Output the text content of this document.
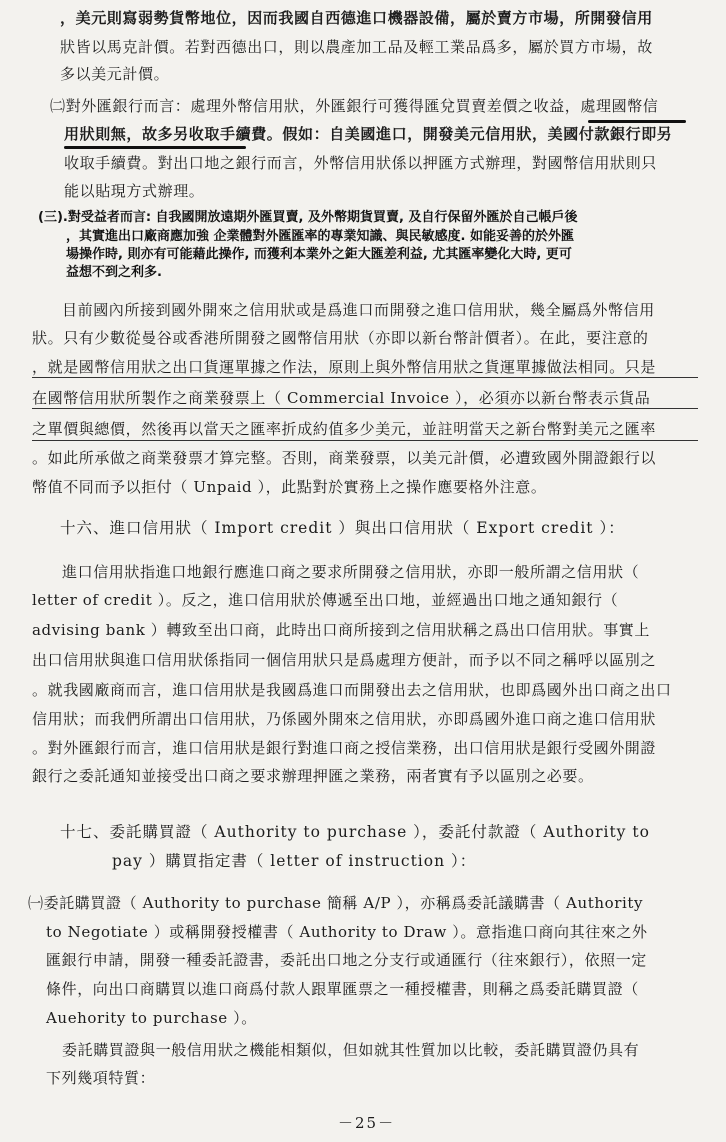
，美元則寫弱勢貨幣地位，因而我國自西德進口機器設備，屬於賣方市場，所開發信用
狀皆以馬克計價。若對西德出口，則以農產加工品及輕工業品爲多，屬於買方市場，故
多以美元計價。
㈡對外匯銀行而言：處理外幣信用狀，外匯銀行可獲得匯兌買賣差價之收益，處理國幣信
用狀則無，故多另收取手續費。假如：自美國進口，開發美元信用狀，美國付款銀行即另
收取手續費。對出口地之銀行而言，外幣信用狀係以押匯方式辦理，對國幣信用狀則只
能以貼現方式辦理。
(三).對受益者而言: 自我國開放遠期外匯買賣, 及外幣期貨買賣, 及自行保留外匯於自己帳戶後
，其實進出口廠商應加強 企業體對外匯匯率的專業知識、與民敏感度. 如能妥善的於外匯
場操作時, 則亦有可能藉此操作, 而獲利本業外之鉅大匯差利益, 尤其匯率變化大時, 更可
益想不到之利多.
目前國內所接到國外開來之信用狀或是爲進口而開發之進口信用狀，幾全屬爲外幣信用
狀。只有少數從曼谷或香港所開發之國幣信用狀（亦即以新台幣計價者）。在此，要注意的
，就是國幣信用狀之出口貨運單據之作法，原則上與外幣信用狀之貨運單據做法相同。只是
在國幣信用狀所製作之商業發票上（ Commercial Invoice ），必須亦以新台幣表示貨品
之單價與總價，然後再以當天之匯率折成約值多少美元，並註明當天之新台幣對美元之匯率
。如此所承做之商業發票才算完整。否則，商業發票，以美元計價，必遭致國外開證銀行以
幣值不同而予以拒付（ Unpaid ），此點對於實務上之操作應要格外注意。
十六、進口信用狀（ Import credit ）與出口信用狀（ Export credit ）：
進口信用狀指進口地銀行應進口商之要求所開發之信用狀，亦即一般所謂之信用狀（
letter of credit ）。反之，進口信用狀於傳遞至出口地，並經過出口地之通知銀行（
advising bank ）轉致至出口商，此時出口商所接到之信用狀稱之爲出口信用狀。事實上
出口信用狀與進口信用狀係指同一個信用狀只是爲處理方便計，而予以不同之稱呼以區別之
。就我國廠商而言，進口信用狀是我國爲進口而開發出去之信用狀，也即爲國外出口商之出口
信用狀；而我們所謂出口信用狀，乃係國外開來之信用狀，亦即爲國外進口商之進口信用狀
。對外匯銀行而言，進口信用狀是銀行對進口商之授信業務，出口信用狀是銀行受國外開證
銀行之委託通知並接受出口商之要求辦理押匯之業務，兩者實有予以區別之必要。
十七、委託購買證（ Authority to purchase ），委託付款證（ Authority to
pay ）購買指定書（ letter of instruction ）：
㈠委託購買證（ Authority to purchase 簡稱 A/P ），亦稱爲委託議購書（ Authority
to Negotiate ）或稱開發授權書（ Authority to Draw ）。意指進口商向其往來之外
匯銀行申請，開發一種委託證書，委託出口地之分支行或通匯行（往來銀行），依照一定
條件，向出口商購買以進口商爲付款人跟單匯票之一種授權書，則稱之爲委託購買證（
Auehority to purchase ）。
委託購買證與一般信用狀之機能相類似，但如就其性質加以比較，委託購買證仍具有
下列幾項特質：
－25－
